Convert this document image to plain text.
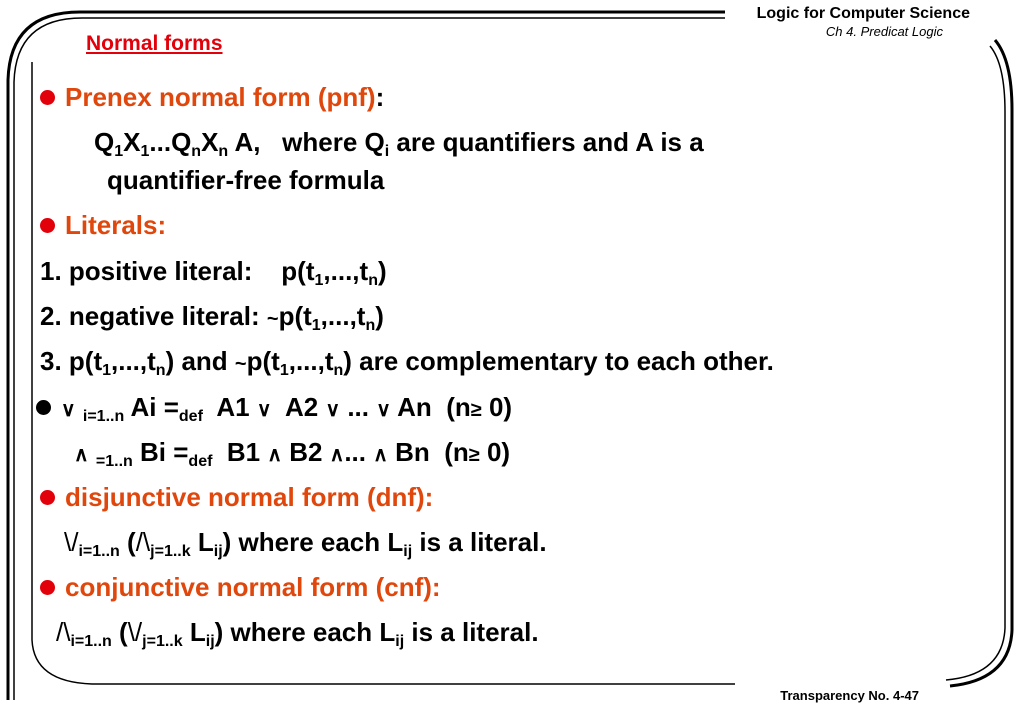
Logic for Computer Science
Ch 4. Predicat Logic
Normal forms
Prenex normal form (pnf):
$Q_1X_1...Q_nX_n$ A,   where $Q_i$ are quantifiers and A is a
quantifier-free formula
Literals:
1. positive literal:    $p(t_1,...,t_n)$
2. negative literal: $\sim p(t_1,...,t_n)$
3. $p(t_1,...,t_n)$ and $\sim p(t_1,...,t_n)$ are complementary to each other.
∨ $_{i=1..n}$ $Ai =_{def}$  A1 ∨  A2 ∨ ... ∨ An  (n≥ 0)
∧ $_{=1..n}$ $Bi =_{def}$  B1 ∧ B2 ∧... ∧ Bn  (n≥ 0)
disjunctive normal form (dnf):
$\backslash/_{i=1..n}$ ($/\backslash_{j=1..k}$ $L_{ij}$) where each $L_{ij}$ is a literal.
conjunctive normal form (cnf):
$/\backslash_{i=1..n}$ ($\backslash/_{j=1..k}$ $L_{ij}$) where each $L_{ij}$ is a literal.
Transparency No. 4-47
